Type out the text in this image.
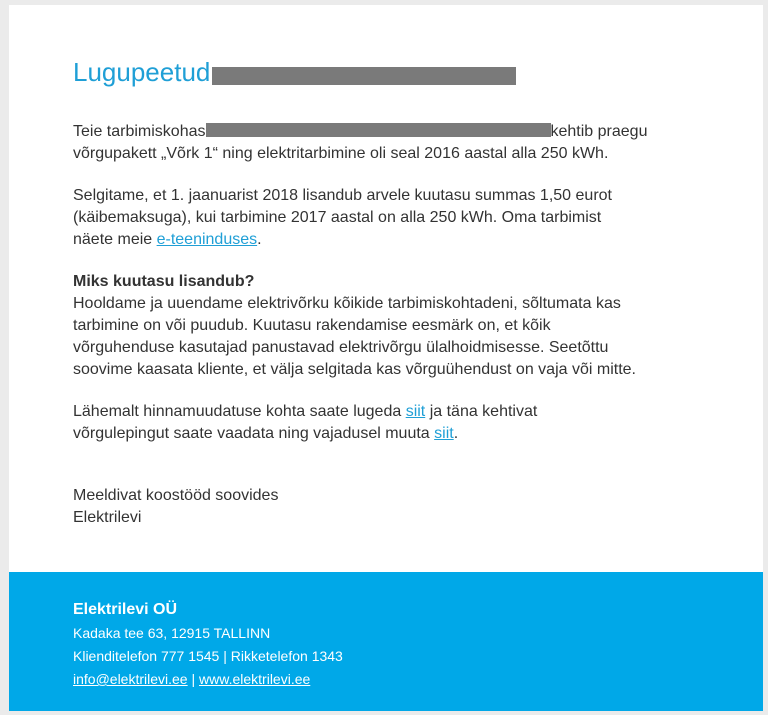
Lugupeetud
Teie tarbimiskohas	kehtib praegu
võrgupakett „Võrk 1“ ning elektritarbimine oli seal 2016 aastal alla 250 kWh.
Selgitame, et 1. jaanuarist 2018 lisandub arvele kuutasu summas 1,50 eurot
(käibemaksuga), kui tarbimine 2017 aastal on alla 250 kWh. Oma tarbimist
näete meie e-teeninduses.
Miks kuutasu lisandub?
Hooldame ja uuendame elektrivõrku kõikide tarbimiskohtadeni, sõltumata kas
tarbimine on või puudub. Kuutasu rakendamise eesmärk on, et kõik
võrguhenduse kasutajad panustavad elektrivõrgu ülalhoidmisesse. Seetõttu
soovime kaasata kliente, et välja selgitada kas võrguühendust on vaja või mitte.
Lähemalt hinnamuudatuse kohta saate lugeda siit ja täna kehtivat
võrgulepingut saate vaadata ning vajadusel muuta siit.
Meeldivat koostööd soovides
Elektrilevi
Elektrilevi OÜ
Kadaka tee 63, 12915 TALLINN
Klienditelefon 777 1545 | Rikketelefon 1343
info@elektrilevi.ee | www.elektrilevi.ee
